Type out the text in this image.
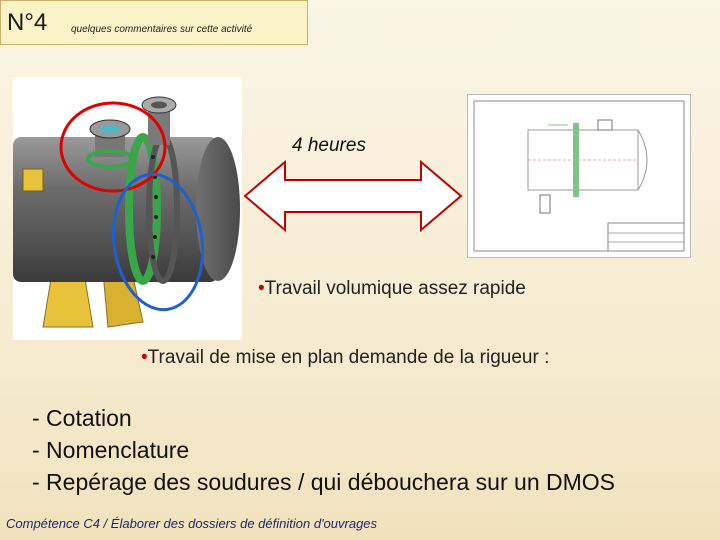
N°4 quelques commentaires sur cette activité
4 heures
•Travail volumique assez rapide
•Travail de mise en plan demande de la rigueur :
- Cotation
- Nomenclature
- Repérage des soudures / qui débouchera sur un DMOS
Compétence C4 / Élaborer des dossiers de définition d'ouvrages
